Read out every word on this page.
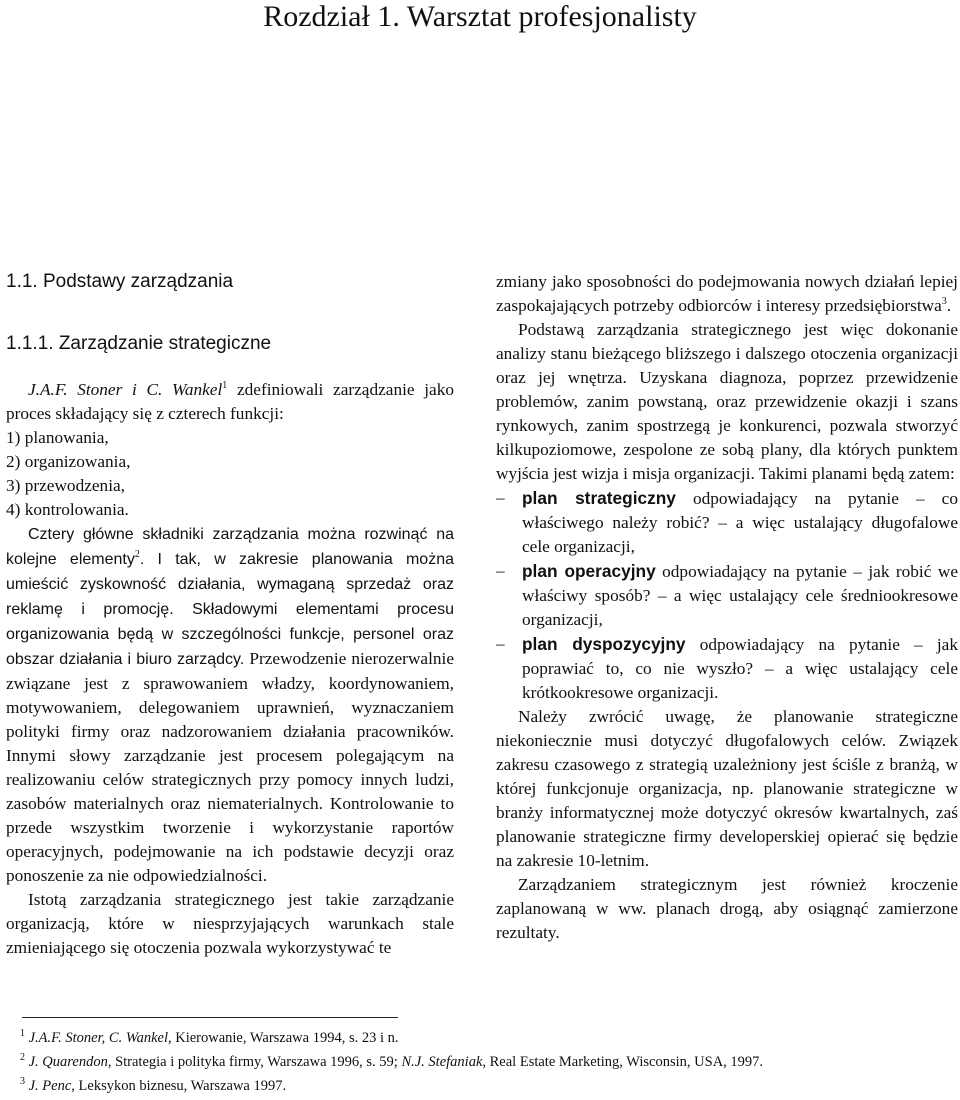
Rozdział 1. Warsztat profesjonalisty
1.1. Podstawy zarządzania
1.1.1. Zarządzanie strategiczne

J.A.F. Stoner i C. Wankel$^1$ zdefiniowali zarządzanie jako proces składający się z czterech funkcji:

1) planowania,

2) organizowania,

3) przewodzenia,

4) kontrolowania.

Cztery główne składniki zarządzania można rozwinąć na kolejne elementy$^2$. I tak, w zakresie planowania można umieścić zyskowność działania, wymaganą sprzedaż oraz reklamę i promocję. Składowymi elementami procesu organizowania będą w szczególności funkcje, personel oraz obszar działania i biuro zarządcy. Przewodzenie nierozerwalnie związane jest z sprawowaniem władzy, koordynowaniem, motywowaniem, delegowaniem uprawnień, wyznaczaniem polityki firmy oraz nadzorowaniem działania pracowników. Innymi słowy zarządzanie jest procesem polegającym na realizowaniu celów strategicznych przy pomocy innych ludzi, zasobów materialnych oraz niematerialnych. Kontrolowanie to przede wszystkim tworzenie i wykorzystanie raportów operacyjnych, podejmowanie na ich podstawie decyzji oraz ponoszenie za nie odpowiedzialności.

Istotą zarządzania strategicznego jest takie zarządzanie organizacją, które w niesprzyjających warunkach stale zmieniającego się otoczenia pozwala wykorzystywać te

zmiany jako sposobności do podejmowania nowych działań lepiej zaspokajających potrzeby odbiorców i interesy przedsiębiorstwa$^3$.

Podstawą zarządzania strategicznego jest więc dokonanie analizy stanu bieżącego bliższego i dalszego otoczenia organizacji oraz jej wnętrza. Uzyskana diagnoza, poprzez przewidzenie problemów, zanim powstaną, oraz przewidzenie okazji i szans rynkowych, zanim spostrzegą je konkurenci, pozwala stworzyć kilkupoziomowe, zespolone ze sobą plany, dla których punktem wyjścia jest wizja i misja organizacji. Takimi planami będą zatem:

– plan strategiczny odpowiadający na pytanie – co właściwego należy robić? – a więc ustalający długofalowe cele organizacji,
– plan operacyjny odpowiadający na pytanie – jak robić we właściwy sposób? – a więc ustalający cele średniookresowe organizacji,
– plan dyspozycyjny odpowiadający na pytanie – jak poprawiać to, co nie wyszło? – a więc ustalający cele krótkookresowe organizacji.

Należy zwrócić uwagę, że planowanie strategiczne niekoniecznie musi dotyczyć długofalowych celów. Związek zakresu czasowego z strategią uzależniony jest ściśle z branżą, w której funkcjonuje organizacja, np. planowanie strategiczne w branży informatycznej może dotyczyć okresów kwartalnych, zaś planowanie strategiczne firmy developerskiej opierać się będzie na zakresie 10-letnim.

Zarządzaniem strategicznym jest również kroczenie zaplanowaną w ww. planach drogą, aby osiągnąć zamierzone rezultaty.

$^1$ J.A.F. Stoner, C. Wankel, Kierowanie, Warszawa 1994, s. 23 i n.

$^2$ J. Quarendon, Strategia i polityka firmy, Warszawa 1996, s. 59; N.J. Stefaniak, Real Estate Marketing, Wisconsin, USA, 1997.

$^3$ J. Penc, Leksykon biznesu, Warszawa 1997.
